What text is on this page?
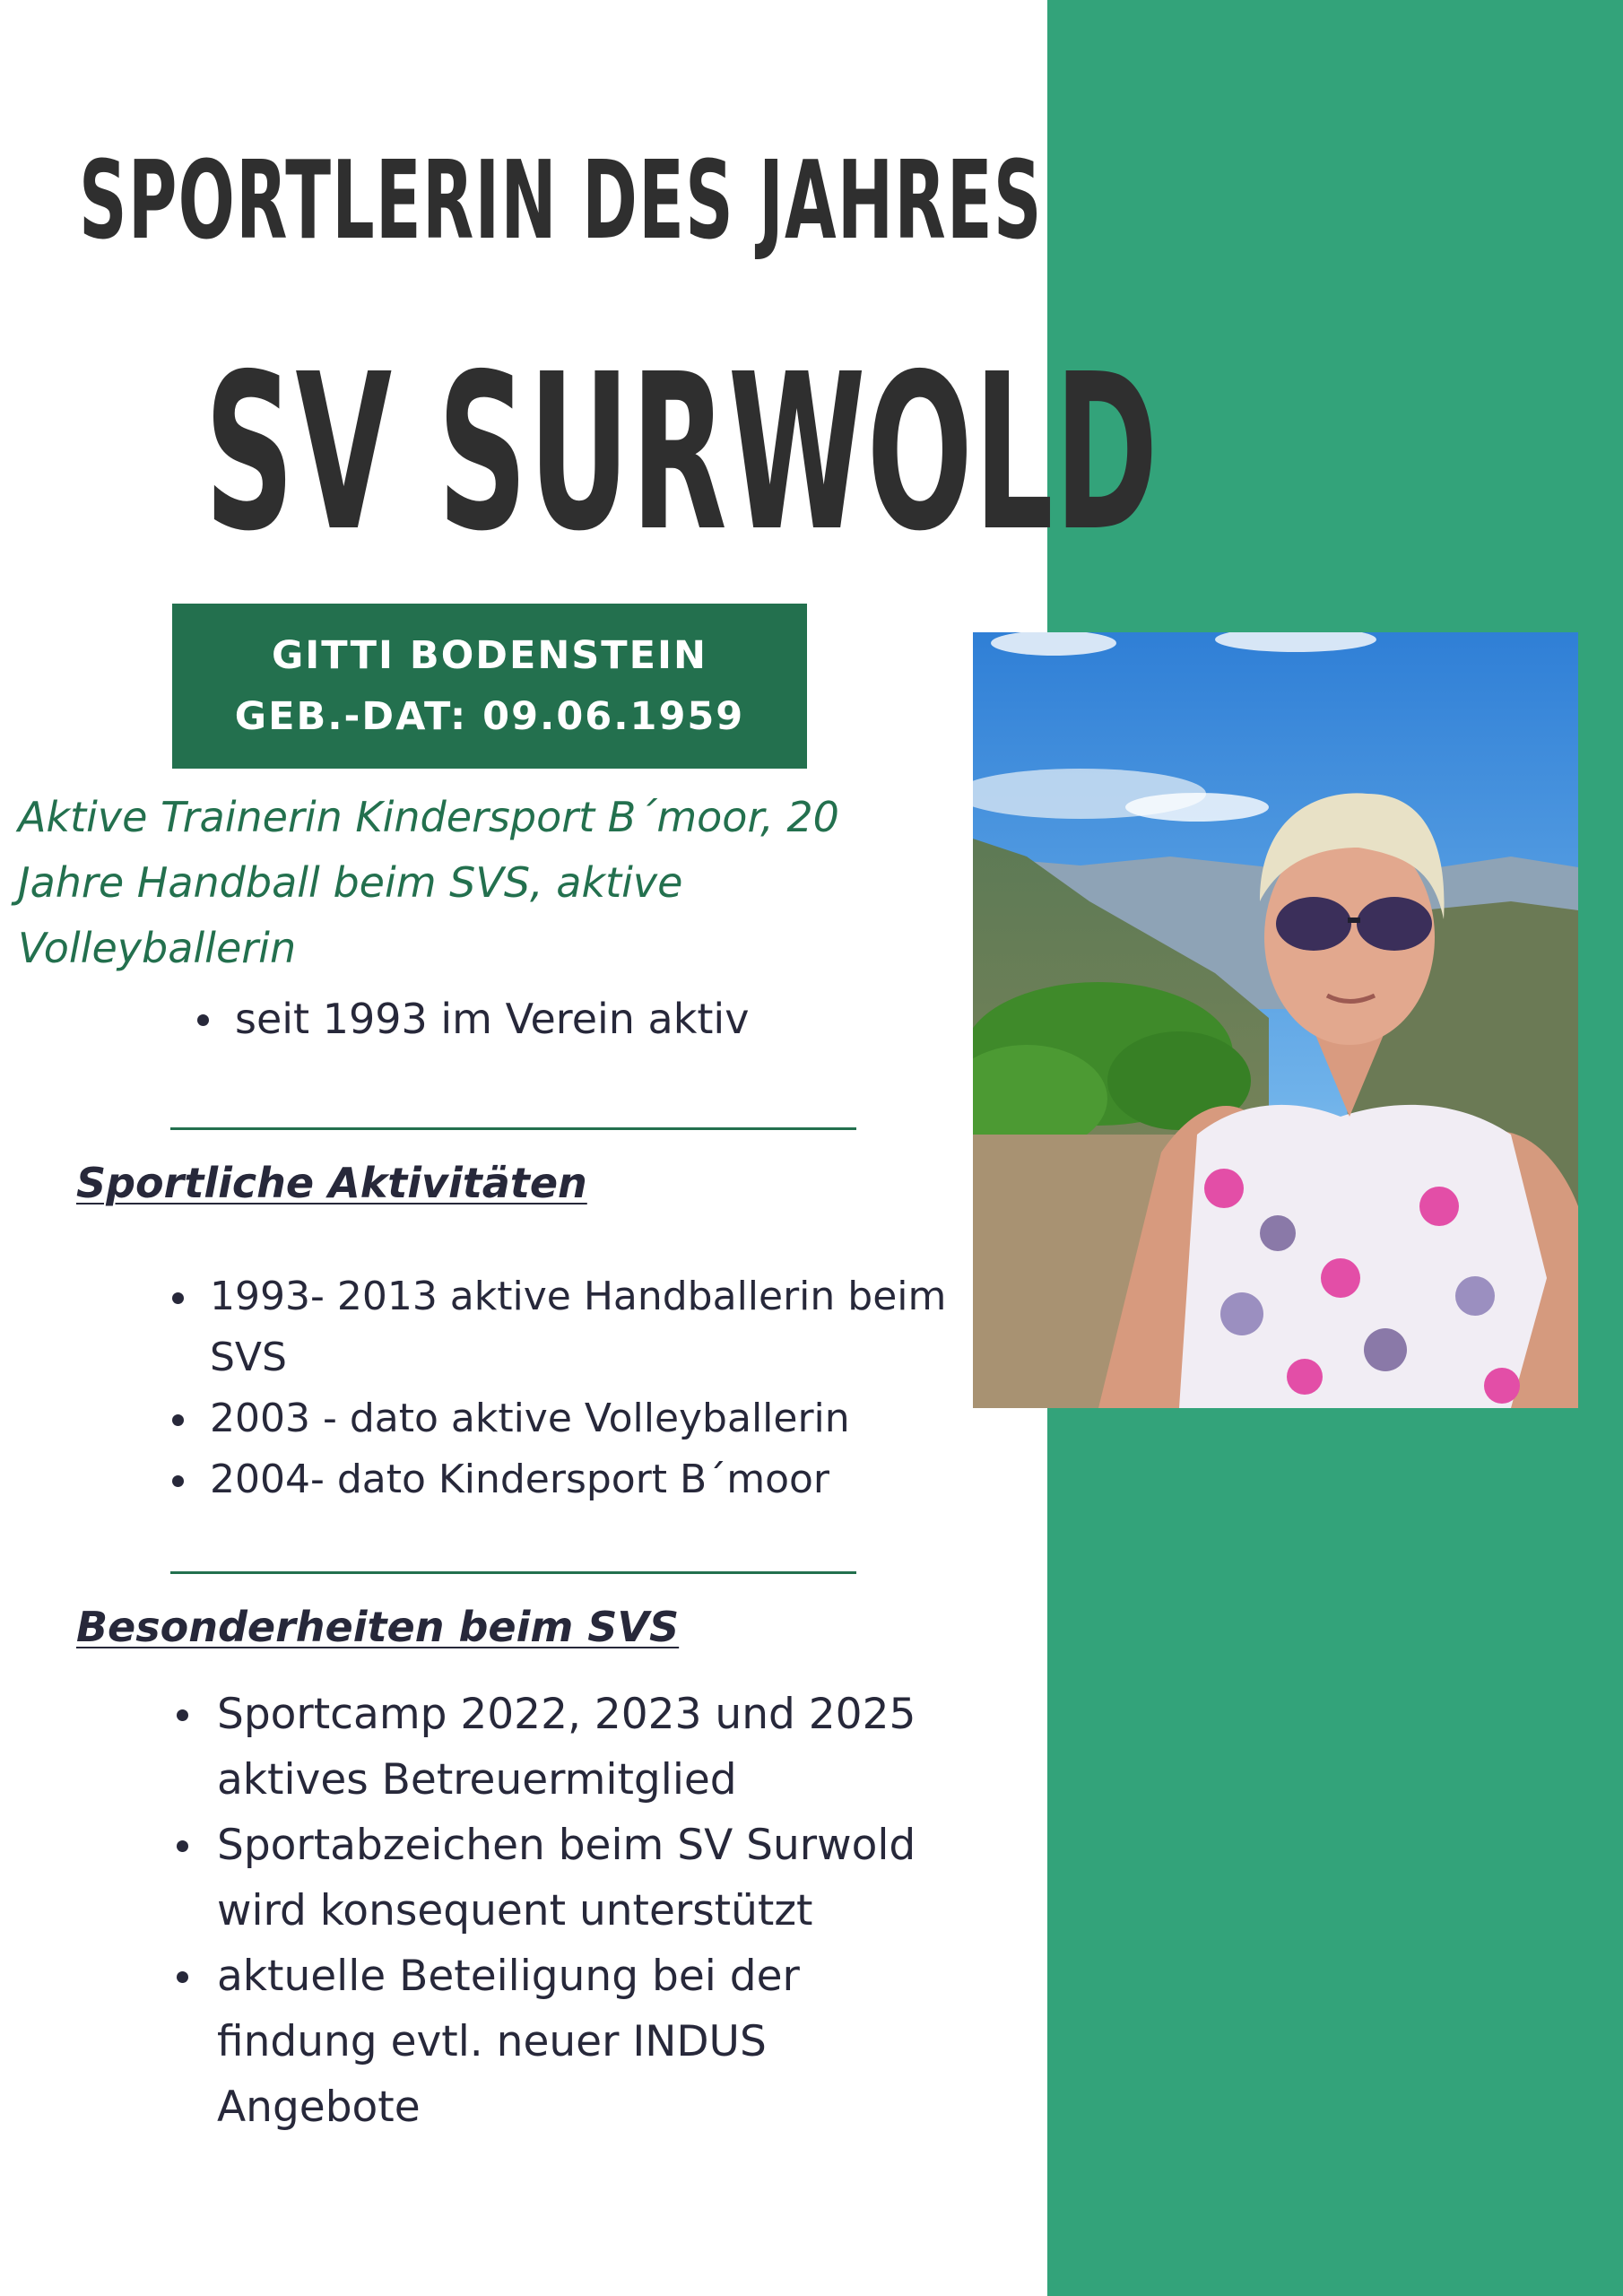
SPORTLERIN DES JAHRES
SV SURWOLD
GITTI BODENSTEIN
GEB.-DAT: 09.06.1959

Aktive Trainerin Kindersport B´moor, 20 Jahre Handball beim SVS, aktive Volleyballerin

seit 1993 im Verein aktiv
Sportliche Aktivitäten
1993- 2013 aktive Handballerin beim SVS
2003 - dato aktive Volleyballerin
2004- dato Kindersport B´moor
Besonderheiten beim SVS
Sportcamp 2022, 2023 und 2025 aktives Betreuermitglied
Sportabzeichen beim SV Surwold wird konsequent unterstützt
aktuelle Beteiligung bei der findung evtl. neuer INDUS Angebote
